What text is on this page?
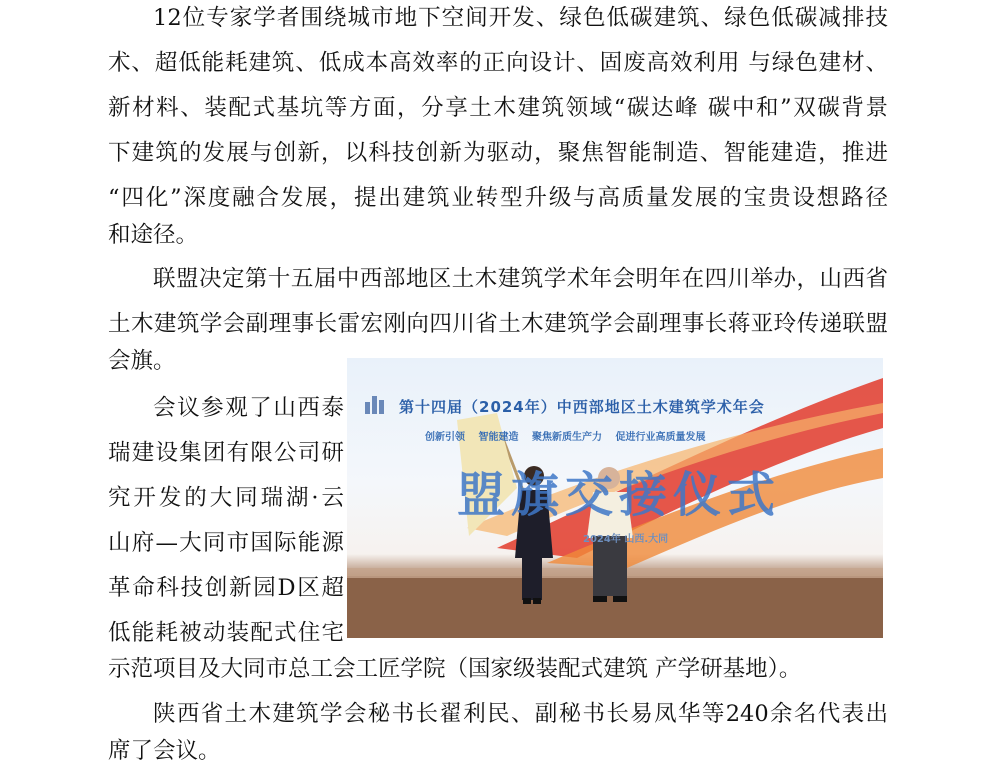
12位专家学者围绕城市地下空间开发、绿色低碳建筑、绿色低碳减排技
术、超低能耗建筑、低成本高效率的正向设计、固废高效利用 与绿色建材、
新材料、装配式基坑等方面，分享土木建筑领域“碳达峰 碳中和”双碳背景
下建筑的发展与创新，以科技创新为驱动，聚焦智能制造、智能建造，推进
“四化”深度融合发展，提出建筑业转型升级与高质量发展的宝贵设想路径
和途径。
联盟决定第十五届中西部地区土木建筑学术年会明年在四川举办，山西省
土木建筑学会副理事长雷宏刚向四川省土木建筑学会副理事长蒋亚玲传递联盟
会旗。
会议参观了山西泰
瑞建设集团有限公司研
究开发的大同瑞湖·云
山府—大同市国际能源
革命科技创新园D区超
低能耗被动装配式住宅
示范项目及大同市总工会工匠学院（国家级装配式建筑 产学研基地）。
陕西省土木建筑学会秘书长翟利民、副秘书长易凤华等240余名代表出
席了会议。
第十四届（2024年）中西部地区土木建筑学术年会
创新引领 智能建造 聚焦新质生产力 促进行业高质量发展
盟旗交接仪式
2024年 山西.大同
